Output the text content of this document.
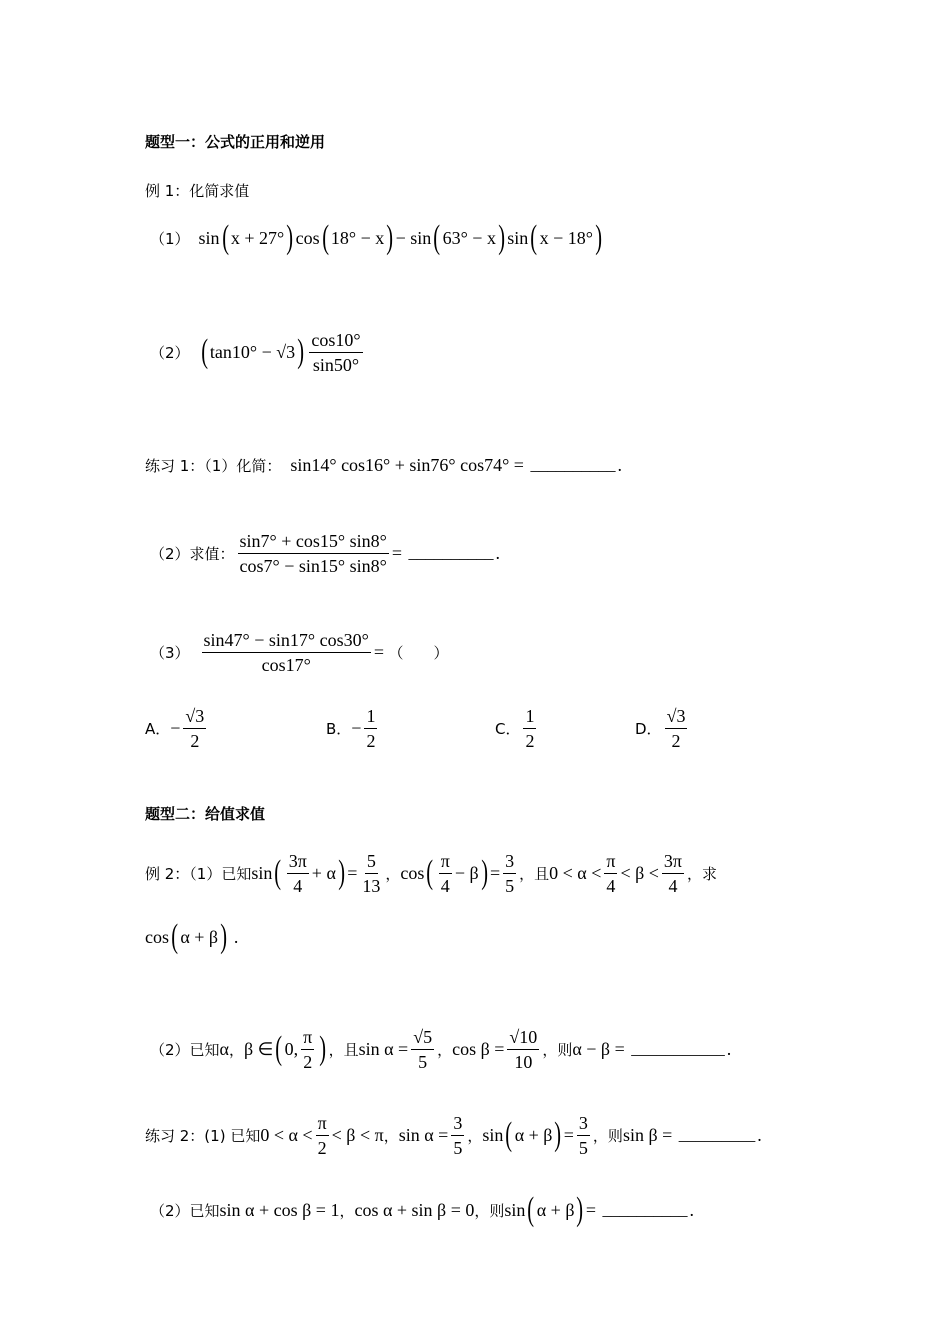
题型一：公式的正用和逆用
例 1：化简求值
（1） sin ( x + 27° ) cos ( 18° − x ) − sin ( 63° − x ) sin ( x − 18° )
（2）
( tan10° − √3 ) $\frac{\cos 10^\circ}{\sin 50^\circ}$
练习 1：（1）化简： sin14° cos16° + sin76° cos74° = __________ .
（2）求值： $\frac{\sin 7^\circ + \cos 15^\circ \sin 8^\circ}{\cos 7^\circ - \sin 15^\circ \sin 8^\circ}$ = __________ .
（3）
$\frac{\sin 47^\circ - \sin 17^\circ \cos 30^\circ}{\cos 17^\circ}$ = （　　）
A． − $\frac{√3}{2}$	B． − $\frac{1}{2}$	C． $\frac{1}{2}$	D． $\frac{√3}{2}$
题型二：给值求值
例 2：（1）已知 sin ( $\frac{3\pi}{4} + \alpha$ ) = $\frac{5}{13}$ ， cos ( $\frac{\pi}{4} - \beta$ ) = $\frac{3}{5}$ ，且 $0 < \alpha < \frac{\pi}{4} < \beta < \frac{3\pi}{4}$ ，求
cos ( α + β ) .
（2）已知 α ， β ∈ ( 0, $\frac{\pi}{2}$ ) ，且 $\sin \alpha = \frac{√5}{5}$ ， $\cos \beta = \frac{√10}{10}$ ，则 α − β = ___________ .
练习 2：(1) 已知 $0 < \alpha < \frac{\pi}{2} < \beta < \pi$ ， $\sin \alpha = \frac{3}{5}$ ， sin ( α + β ) = $\frac{3}{5}$ ，则 sin β = _________ .
（2）已知 sin α + cos β = 1 ， cos α + sin β = 0 ，则 sin ( α + β ) = __________ .
